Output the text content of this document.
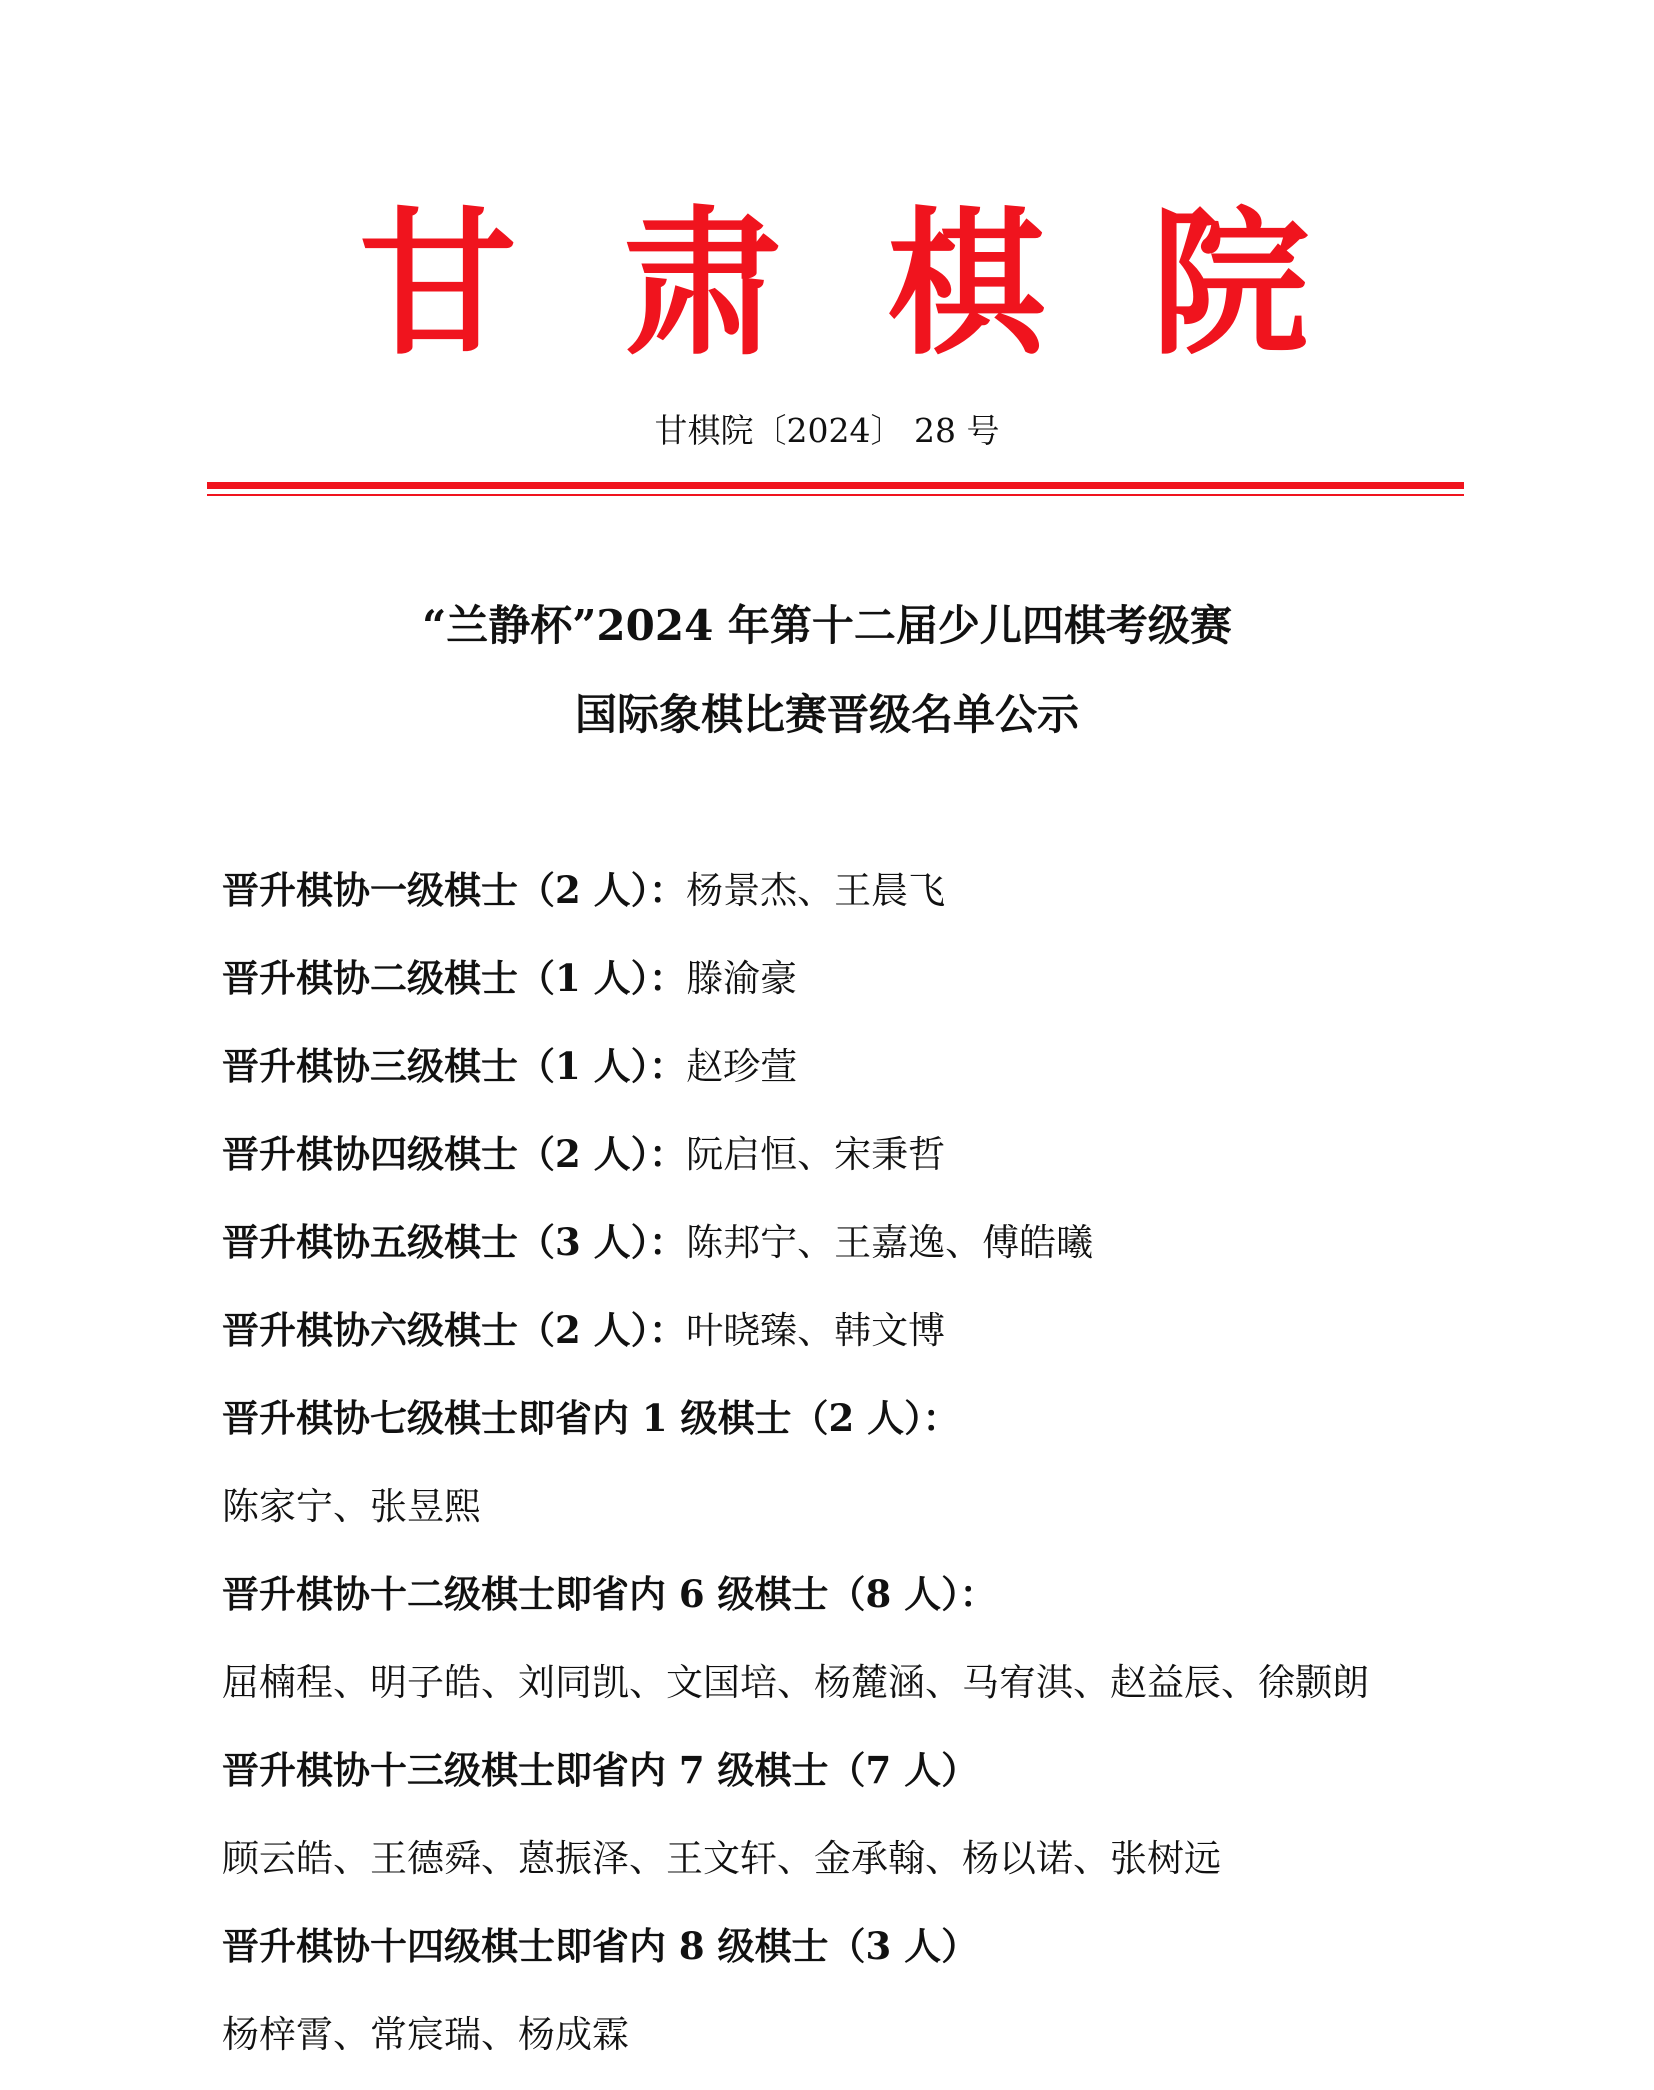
甘 肃 棋 院
甘棋院〔2024〕 28 号
“兰静杯”2024 年第十二届少儿四棋考级赛
国际象棋比赛晋级名单公示
晋升棋协一级棋士（2 人）：杨景杰、王晨飞
晋升棋协二级棋士（1 人）：滕渝豪
晋升棋协三级棋士（1 人）：赵珍萱
晋升棋协四级棋士（2 人）：阮启恒、宋秉哲
晋升棋协五级棋士（3 人）：陈邦宁、王嘉逸、傅皓曦
晋升棋协六级棋士（2 人）：叶晓臻、韩文博
晋升棋协七级棋士即省内 1 级棋士（2 人）：
陈家宁、张昱熙
晋升棋协十二级棋士即省内 6 级棋士（8 人）：
屈楠程、明子皓、刘同凯、文国培、杨麓涵、马宥淇、赵益辰、徐颢朗
晋升棋协十三级棋士即省内 7 级棋士（7 人）
顾云皓、王德舜、蒽振泽、王文轩、金承翰、杨以诺、张树远
晋升棋协十四级棋士即省内 8 级棋士（3 人）
杨梓霄、常宸瑞、杨成霖
